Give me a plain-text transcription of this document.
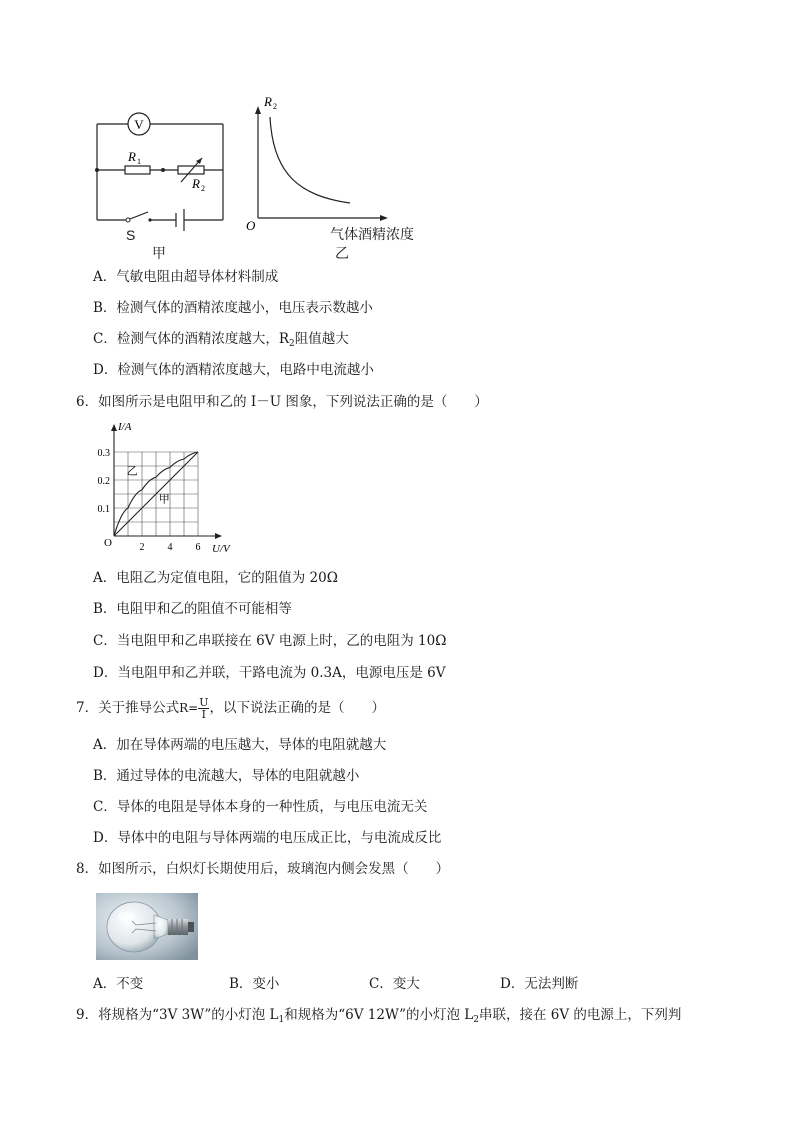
V
R 1
R 2
S
甲
R 2
O
气体酒精浓度
乙
A．气敏电阻由超导体材料制成
B．检测气体的酒精浓度越小，电压表示数越小
C．检测气体的酒精浓度越大，$R_2$阻值越大
D．检测气体的酒精浓度越大，电路中电流越小
6．如图所示是电阻甲和乙的 I－U 图象，下列说法正确的是（　　）
甲
乙
2 4 6
0.1
0.2
0.3
I/A
U/V
O
A．电阻乙为定值电阻，它的阻值为 20Ω
B．电阻甲和乙的阻值不可能相等
C．当电阻甲和乙串联接在 6V 电源上时，乙的电阻为 10Ω
D．当电阻甲和乙并联，干路电流为 0.3A，电源电压是 6V
7．关于推导公式$R= \frac{U}{I}$ ，以下说法正确的是（　　）
A．加在导体两端的电压越大，导体的电阻就越大
B．通过导体的电流越大，导体的电阻就越小
C．导体的电阻是导体本身的一种性质，与电压电流无关
D．导体中的电阻与导体两端的电压成正比，与电流成反比
8．如图所示，白炽灯长期使用后，玻璃泡内侧会发黑（　　）
A．不变	B．变小	C．变大	D．无法判断
9．将规格为“3V 3W”的小灯泡 $L_1$和规格为“6V 12W”的小灯泡 $L_2$串联，接在 6V 的电源上，下列判
